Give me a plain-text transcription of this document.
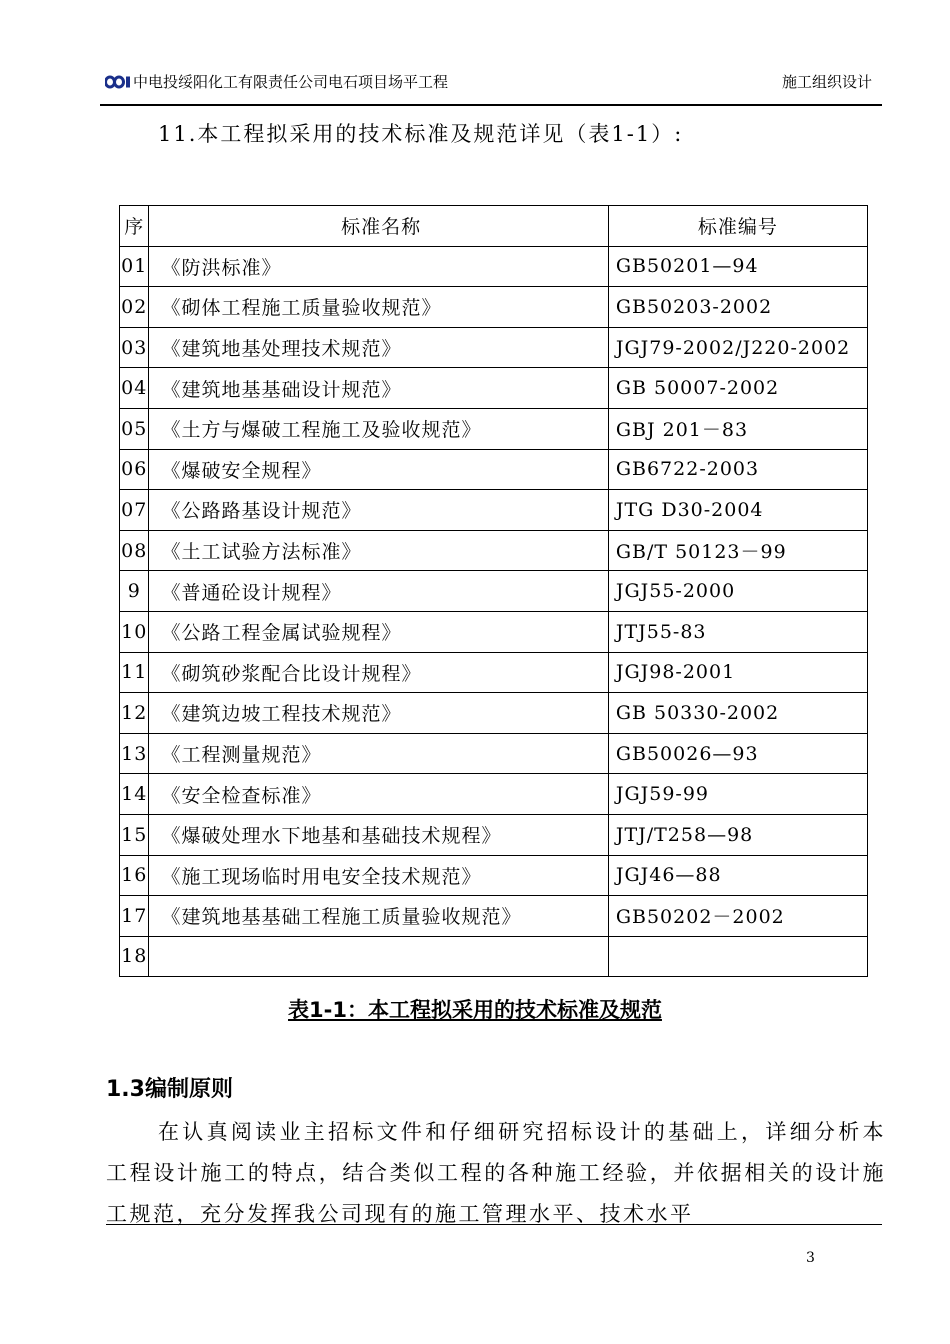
中电投绥阳化工有限责任公司电石项目场平工程	施工组织设计
11.本工程拟采用的技术标准及规范详见（表1-1）:
序	标准名称	标准编号
01	《防洪标准》	GB50201—94
02	《砌体工程施工质量验收规范》	GB50203-2002
03	《建筑地基处理技术规范》	JGJ79-2002/J220-2002
04	《建筑地基基础设计规范》	GB 50007-2002
05	《土方与爆破工程施工及验收规范》	GBJ 201－83
06	《爆破安全规程》	GB6722-2003
07	《公路路基设计规范》	JTG D30-2004
08	《土工试验方法标准》	GB/T 50123－99
9	《普通砼设计规程》	JGJ55-2000
10	《公路工程金属试验规程》	JTJ55-83
11	《砌筑砂浆配合比设计规程》	JGJ98-2001
12	《建筑边坡工程技术规范》	GB 50330-2002
13	《工程测量规范》	GB50026—93
14	《安全检查标准》	JGJ59-99
15	《爆破处理水下地基和基础技术规程》	JTJ/T258—98
16	《施工现场临时用电安全技术规范》	JGJ46—88
17	《建筑地基基础工程施工质量验收规范》	GB50202－2002
18		
表1-1：本工程拟采用的技术标准及规范
1.3编制原则
在认真阅读业主招标文件和仔细研究招标设计的基础上，详细分析本工程设计施工的特点，结合类似工程的各种施工经验，并依据相关的设计施工规范，充分发挥我公司现有的施工管理水平、技术水平
3
